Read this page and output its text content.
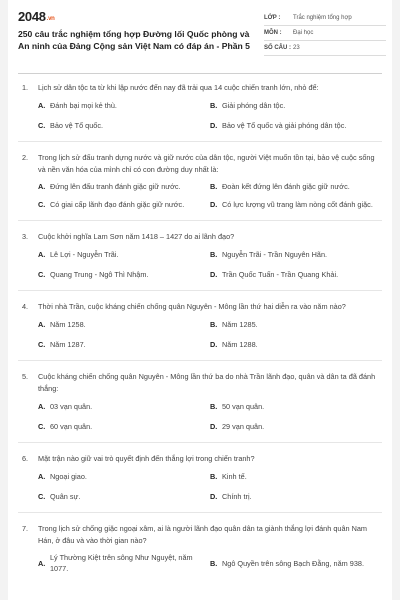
2048.vn
250 câu trắc nghiệm tổng hợp Đường lối Quốc phòng và An ninh của Đảng Cộng sản Việt Nam có đáp án - Phần 5
LỚP :	Trắc nghiệm tổng hợp
MÔN :	Đại học
SỐ CÂU : 23
1.	Lịch sử dân tộc ta từ khi lập nước đến nay đã trải qua 14 cuộc chiến tranh lớn, nhỏ để:
A. Đánh bại mọi kẻ thù.	B. Giải phóng dân tộc.
C. Bảo vệ Tổ quốc.	D. Bảo vệ Tổ quốc và giải phóng dân tộc.
2.	Trong lịch sử đấu tranh dựng nước và giữ nước của dân tộc, người Việt muốn tồn tại, bảo vệ cuộc sống và nền văn hóa của mình chỉ có con đường duy nhất là:
A. Đứng lên đấu tranh đánh giặc giữ nước.	B. Đoàn kết đứng lên đánh giặc giữ nước.
C. Có giai cấp lãnh đạo đánh giặc giữ nước.	D. Có lực lượng vũ trang làm nòng cốt đánh giặc.
3.	Cuộc khởi nghĩa Lam Sơn năm 1418 – 1427 do ai lãnh đạo?
A. Lê Lợi - Nguyễn Trãi.	B. Nguyễn Trãi - Trần Nguyên Hãn.
C. Quang Trung - Ngô Thì Nhậm.	D. Trần Quốc Tuấn - Trần Quang Khải.
4.	Thời nhà Trần, cuộc kháng chiến chống quân Nguyên - Mông lần thứ hai diễn ra vào năm nào?
A. Năm 1258.	B. Năm 1285.
C. Năm 1287.	D. Năm 1288.
5.	Cuộc kháng chiến chống quân Nguyên - Mông lần thứ ba do nhà Trần lãnh đạo, quân và dân ta đã đánh thắng:
A. 03 vạn quân.	B. 50 vạn quân.
C. 60 vạn quân.	D. 29 vạn quân.
6.	Mặt trận nào giữ vai trò quyết định đến thắng lợi trong chiến tranh?
A. Ngoại giao.	B. Kinh tế.
C. Quân sự.	D. Chính trị.
7.	Trong lịch sử chống giặc ngoại xâm, ai là người lãnh đạo quân dân ta giành thắng lợi đánh quân Nam Hán, ở đâu và vào thời gian nào?
A.
Lý Thường Kiệt trên sông Như Nguyệt, năm 1077.
B. Ngô Quyền trên sông Bạch Đằng, năm 938.
